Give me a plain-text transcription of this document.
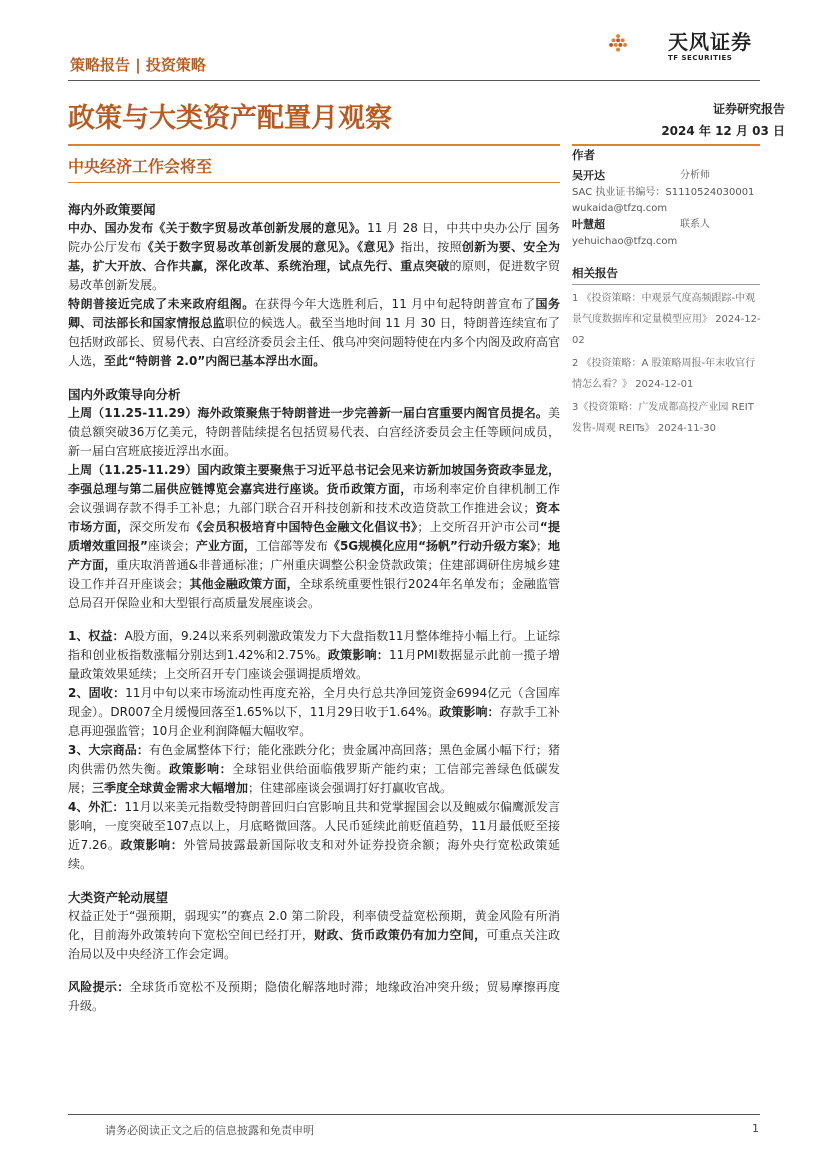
天风证券
TF SECURITIES
策略报告 | 投资策略
政策与大类资产配置月观察	证券研究报告
2024 年 12 月 03 日
中央经济工作会将至
作者
吴开达	分析师
SAC 执业证书编号：S1110524030001
wukaida@tfzq.com
叶慧超	联系人
yehuichao@tfzq.com
相关报告

1 《投资策略：中观景气度高频跟踪-中观景气度数据库和定量模型应用》 2024-12-02

2 《投资策略：A 股策略周报-年末收官行情怎么看？》 2024-12-01

3《投资策略：广发成都高投产业园 REIT 发售-周观 REITs》 2024-11-30

海内外政策要闻

中办、国办发布《关于数字贸易改革创新发展的意见》。11 月 28 日，中共中央办公厅 国务院办公厅发布《关于数字贸易改革创新发展的意见》。《意见》指出，按照创新为要、安全为基，扩大开放、合作共赢，深化改革、系统治理，试点先行、重点突破的原则，促进数字贸易改革创新发展。

特朗普接近完成了未来政府组阁。在获得今年大选胜利后，11 月中旬起特朗普宣布了国务卿、司法部长和国家情报总监职位的候选人。截至当地时间 11 月 30 日，特朗普连续宣布了包括财政部长、贸易代表、白宫经济委员会主任、俄乌冲突问题特使在内多个内阁及政府高官人选，至此“特朗普 2.0”内阁已基本浮出水面。

国内外政策导向分析

上周（11.25-11.29）海外政策聚焦于特朗普进一步完善新一届白宫重要内阁官员提名。美债总额突破36万亿美元，特朗普陆续提名包括贸易代表、白宫经济委员会主任等顾问成员，新一届白宫班底接近浮出水面。

上周（11.25-11.29）国内政策主要聚焦于习近平总书记会见来访新加坡国务资政李显龙，李强总理与第二届供应链博览会嘉宾进行座谈。货币政策方面，市场利率定价自律机制工作会议强调存款不得手工补息；九部门联合召开科技创新和技术改造贷款工作推进会议；资本市场方面，深交所发布《会员积极培育中国特色金融文化倡议书》；上交所召开沪市公司“提质增效重回报”座谈会；产业方面，工信部等发布《5G规模化应用“扬帆”行动升级方案》；地产方面，重庆取消普通&非普通标准；广州重庆调整公积金贷款政策；住建部调研住房城乡建设工作并召开座谈会；其他金融政策方面，全球系统重要性银行2024年名单发布；金融监管总局召开保险业和大型银行高质量发展座谈会。

1、权益：A股方面，9.24以来系列刺激政策发力下大盘指数11月整体维持小幅上行。上证综指和创业板指数涨幅分别达到1.42%和2.75%。政策影响：11月PMI数据显示此前一揽子增量政策效果延续；上交所召开专门座谈会强调提质增效。

2、固收：11月中旬以来市场流动性再度充裕，全月央行总共净回笼资金6994亿元（含国库现金）。DR007全月缓慢回落至1.65%以下，11月29日收于1.64%。政策影响：存款手工补息再迎强监管；10月企业利润降幅大幅收窄。

3、大宗商品：有色金属整体下行；能化涨跌分化；贵金属冲高回落；黑色金属小幅下行；猪肉供需仍然失衡。政策影响：全球铝业供给面临俄罗斯产能约束；工信部完善绿色低碳发展；三季度全球黄金需求大幅增加；住建部座谈会强调打好打赢收官战。

4、外汇：11月以来美元指数受特朗普回归白宫影响且共和党掌握国会以及鲍威尔偏鹰派发言影响，一度突破至107点以上，月底略微回落。人民币延续此前贬值趋势，11月最低贬至接近7.26。政策影响：外管局披露最新国际收支和对外证券投资余额；海外央行宽松政策延续。

大类资产轮动展望

权益正处于“强预期，弱现实”的赛点 2.0 第二阶段，利率债受益宽松预期，黄金风险有所消化，目前海外政策转向下宽松空间已经打开，财政、货币政策仍有加力空间，可重点关注政治局以及中央经济工作会定调。

风险提示：全球货币宽松不及预期；隐债化解落地时滞；地缘政治冲突升级；贸易摩擦再度升级。

请务必阅读正文之后的信息披露和免责申明	1
